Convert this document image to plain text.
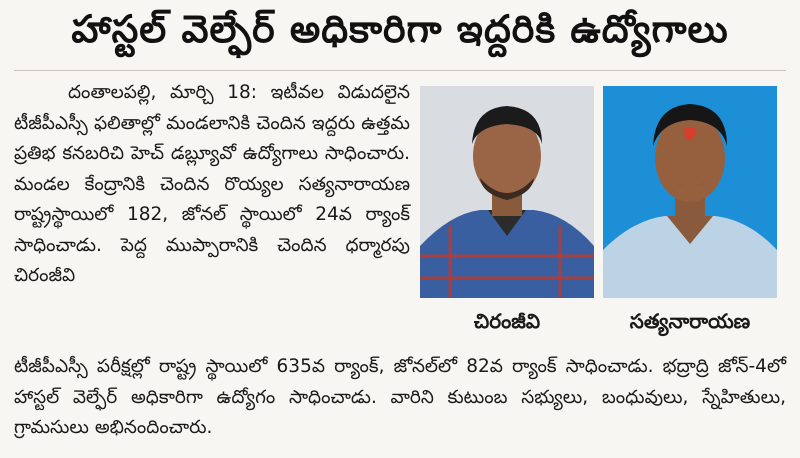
హాస్టల్ వెల్ఫేర్ అధికారిగా ఇద్దరికి ఉద్యోగాలు

దంతాలపల్లి, మార్చి 18: ఇటీవల విడుదలైన టీజీపీఎస్సీ ఫలితాల్లో మండలానికి చెందిన ఇద్దరు ఉత్తమ ప్రతిభ కనబరిచి హెచ్ డబ్ల్యూవో ఉద్యోగాలు సాధించారు. మండల కేంద్రానికి చెందిన రొయ్యల సత్యనారాయణ రాష్ట్రస్థాయిలో 182, జోనల్ స్థాయిలో 24వ ర్యాంక్ సాధించాడు. పెద్ద ముప్పారానికి చెందిన ధర్మారపు చిరంజీవి

చిరంజీవి	సత్యనారాయణ

టీజీపీఎస్సీ పరీక్షల్లో రాష్ట్ర స్థాయిలో 635వ ర్యాంక్, జోనల్‌లో 82వ ర్యాంక్ సాధించాడు. భద్రాద్రి జోన్-4లో హాస్టల్ వెల్ఫేర్ అధికారిగా ఉద్యోగం సాధించాడు. వారిని కుటుంబ సభ్యులు, బంధువులు, స్నేహితులు, గ్రామసులు అభినందించారు.
